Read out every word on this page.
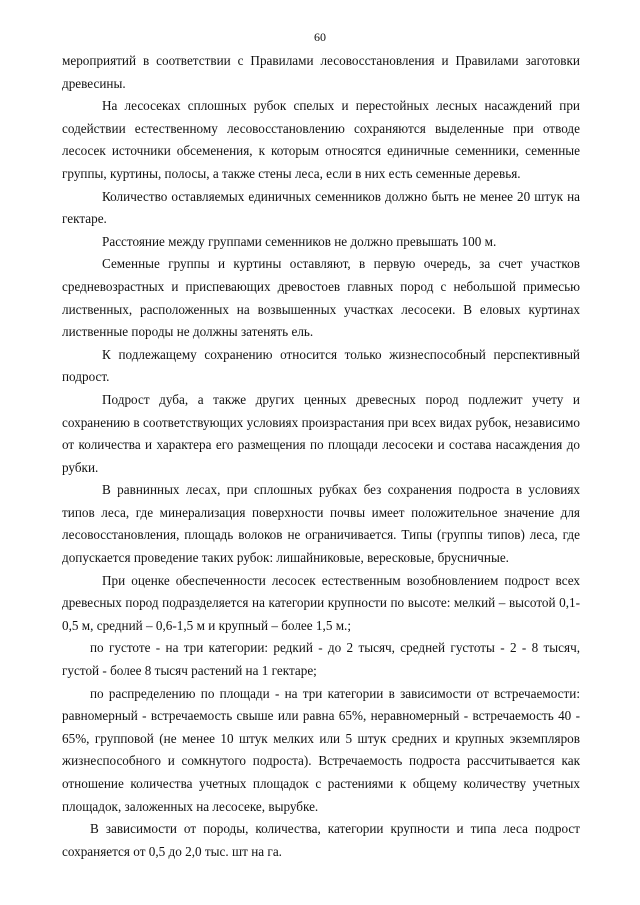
60

мероприятий в соответствии с Правилами лесовосстановления и Правилами заготовки древесины.

На лесосеках сплошных рубок спелых и перестойных лесных насаждений при содействии естественному лесовосстановлению сохраняются выделенные при отводе лесосек источники обсеменения, к которым относятся единичные семенники, семенные группы, куртины, полосы, а также стены леса, если в них есть семенные деревья.

Количество оставляемых единичных семенников должно быть не менее 20 штук на гектаре.

Расстояние между группами семенников не должно превышать 100 м.

Семенные группы и куртины оставляют, в первую очередь, за счет участков средневозрастных и приспевающих древостоев главных пород с небольшой примесью лиственных, расположенных на возвышенных участках лесосеки. В еловых куртинах лиственные породы не должны затенять ель.

К подлежащему сохранению относится только жизнеспособный перспективный подрост.

Подрост дуба, а также других ценных древесных пород подлежит учету и сохранению в соответствующих условиях произрастания при всех видах рубок, независимо от количества и характера его размещения по площади лесосеки и состава насаждения до рубки.

В равнинных лесах, при сплошных рубках без сохранения подроста в условиях типов леса, где минерализация поверхности почвы имеет положительное значение для лесовосстановления, площадь волоков не ограничивается. Типы (группы типов) леса, где допускается проведение таких рубок: лишайниковые, вересковые, брусничные.

При оценке обеспеченности лесосек естественным возобновлением подрост всех древесных пород подразделяется на категории крупности по высоте: мелкий – высотой 0,1-0,5 м, средний – 0,6-1,5 м и крупный – более 1,5 м.;

по густоте - на три категории: редкий - до 2 тысяч, средней густоты - 2 - 8 тысяч, густой - более 8 тысяч растений на 1 гектаре;

по распределению по площади - на три категории в зависимости от встречаемости: равномерный - встречаемость свыше или равна 65%, неравномерный - встречаемость 40 - 65%, групповой (не менее 10 штук мелких или 5 штук средних и крупных экземпляров жизнеспособного и сомкнутого подроста). Встречаемость подроста рассчитывается как отношение количества учетных площадок с растениями к общему количеству учетных площадок, заложенных на лесосеке, вырубке.

В зависимости от породы, количества, категории крупности и типа леса подрост сохраняется от 0,5 до 2,0 тыс. шт на га.
